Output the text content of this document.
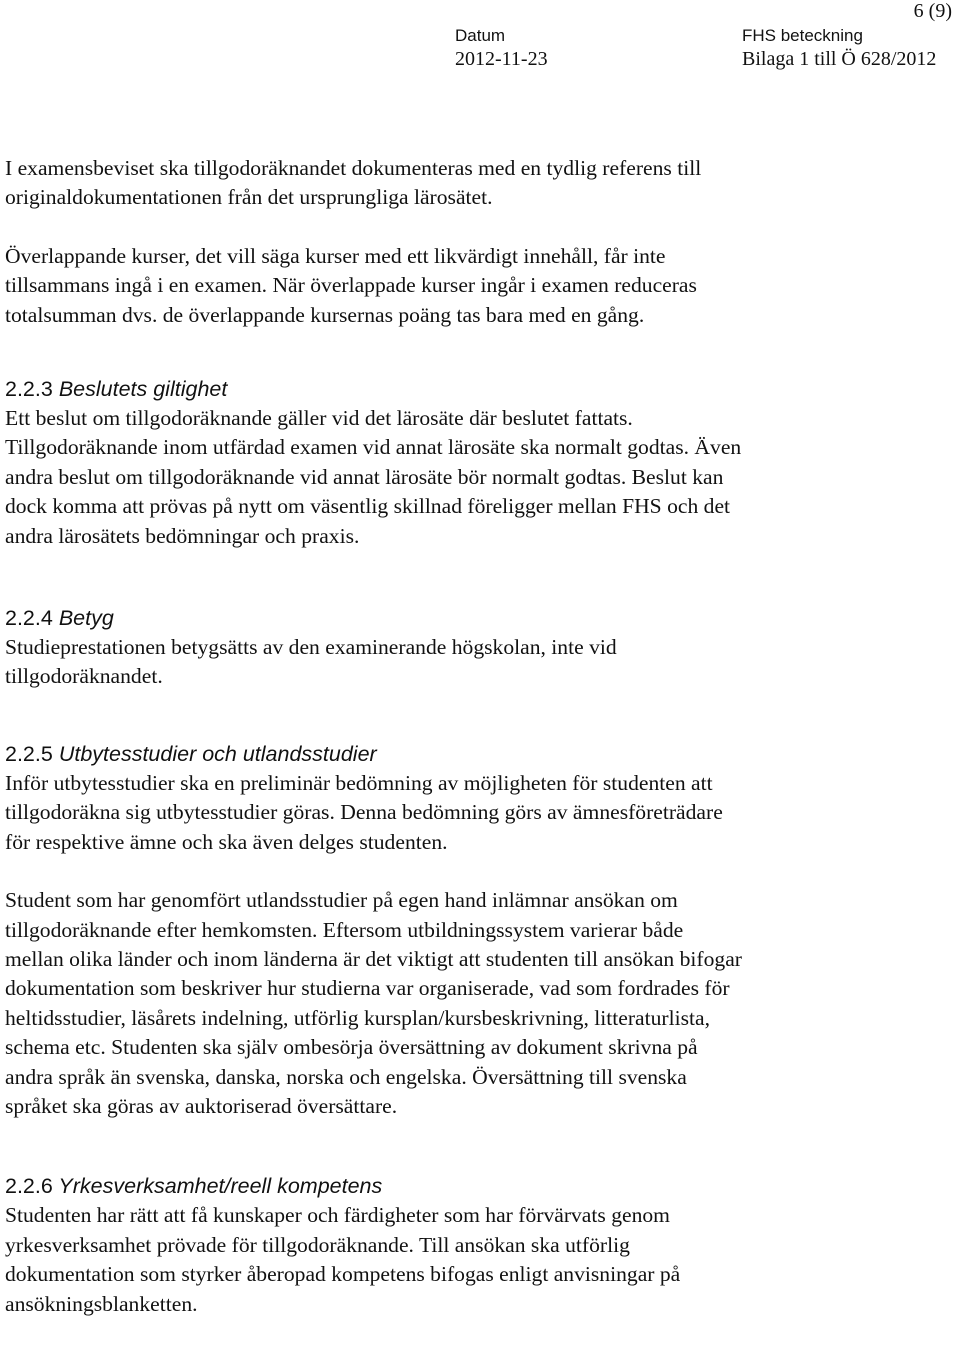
6 (9)

Datum

2012-11-23

FHS beteckning

Bilaga 1 till Ö 628/2012

I examensbeviset ska tillgodoräknandet dokumenteras med en tydlig referens till
originaldokumentationen från det ursprungliga lärosätet.

Överlappande kurser, det vill säga kurser med ett likvärdigt innehåll, får inte
tillsammans ingå i en examen. När överlappade kurser ingår i examen reduceras
totalsumman dvs. de överlappande kursernas poäng tas bara med en gång.

2.2.3 Beslutets giltighet

Ett beslut om tillgodoräknande gäller vid det lärosäte där beslutet fattats.
Tillgodoräknande inom utfärdad examen vid annat lärosäte ska normalt godtas. Även
andra beslut om tillgodoräknande vid annat lärosäte bör normalt godtas. Beslut kan
dock komma att prövas på nytt om väsentlig skillnad föreligger mellan FHS och det
andra lärosätets bedömningar och praxis.

2.2.4 Betyg

Studieprestationen betygsätts av den examinerande högskolan, inte vid
tillgodoräknandet.

2.2.5 Utbytesstudier och utlandsstudier

Inför utbytesstudier ska en preliminär bedömning av möjligheten för studenten att
tillgodoräkna sig utbytesstudier göras. Denna bedömning görs av ämnesföreträdare
för respektive ämne och ska även delges studenten.

Student som har genomfört utlandsstudier på egen hand inlämnar ansökan om
tillgodoräknande efter hemkomsten. Eftersom utbildningssystem varierar både
mellan olika länder och inom länderna är det viktigt att studenten till ansökan bifogar
dokumentation som beskriver hur studierna var organiserade, vad som fordrades för
heltidsstudier, läsårets indelning, utförlig kursplan/kursbeskrivning, litteraturlista,
schema etc. Studenten ska själv ombesörja översättning av dokument skrivna på
andra språk än svenska, danska, norska och engelska. Översättning till svenska
språket ska göras av auktoriserad översättare.

2.2.6 Yrkesverksamhet/reell kompetens

Studenten har rätt att få kunskaper och färdigheter som har förvärvats genom
yrkesverksamhet prövade för tillgodoräknande. Till ansökan ska utförlig
dokumentation som styrker åberopad kompetens bifogas enligt anvisningar på
ansökningsblanketten.
